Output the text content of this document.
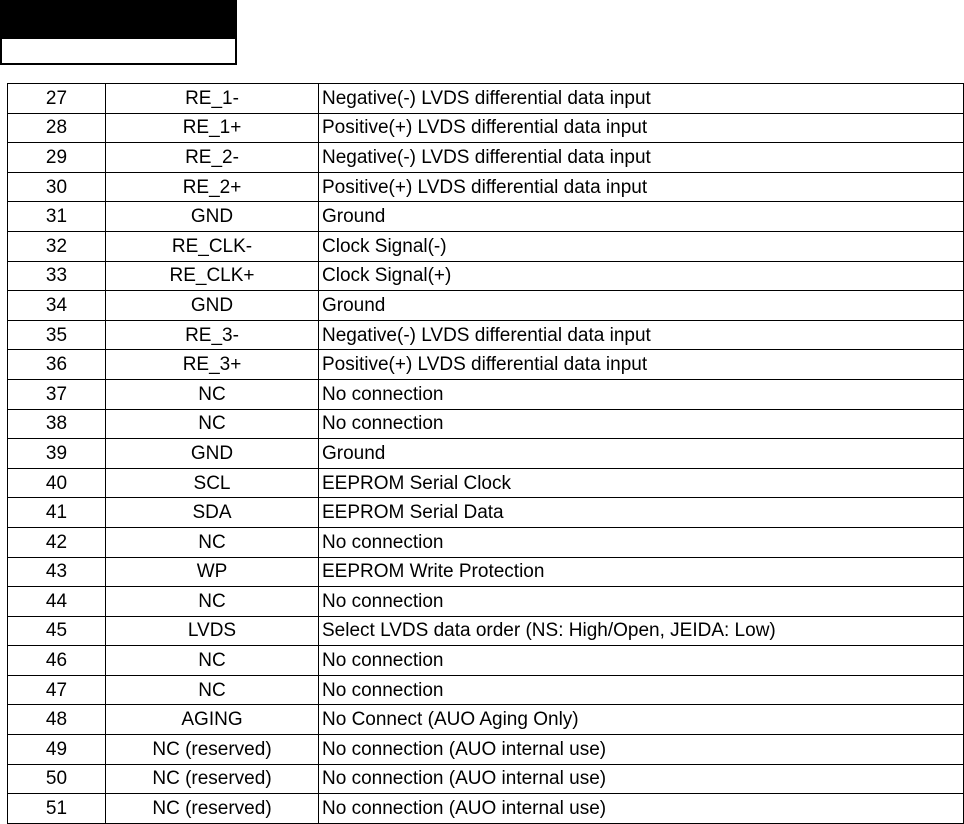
27	RE_1-	Negative(-) LVDS differential data input
28	RE_1+	Positive(+) LVDS differential data input
29	RE_2-	Negative(-) LVDS differential data input
30	RE_2+	Positive(+) LVDS differential data input
31	GND	Ground
32	RE_CLK-	Clock Signal(-)
33	RE_CLK+	Clock Signal(+)
34	GND	Ground
35	RE_3-	Negative(-) LVDS differential data input
36	RE_3+	Positive(+) LVDS differential data input
37	NC	No connection
38	NC	No connection
39	GND	Ground
40	SCL	EEPROM Serial Clock
41	SDA	EEPROM Serial Data
42	NC	No connection
43	WP	EEPROM Write Protection
44	NC	No connection
45	LVDS	Select LVDS data order (NS: High/Open, JEIDA: Low)
46	NC	No connection
47	NC	No connection
48	AGING	No Connect (AUO Aging Only)
49	NC (reserved)	No connection (AUO internal use)
50	NC (reserved)	No connection (AUO internal use)
51	NC (reserved)	No connection (AUO internal use)
